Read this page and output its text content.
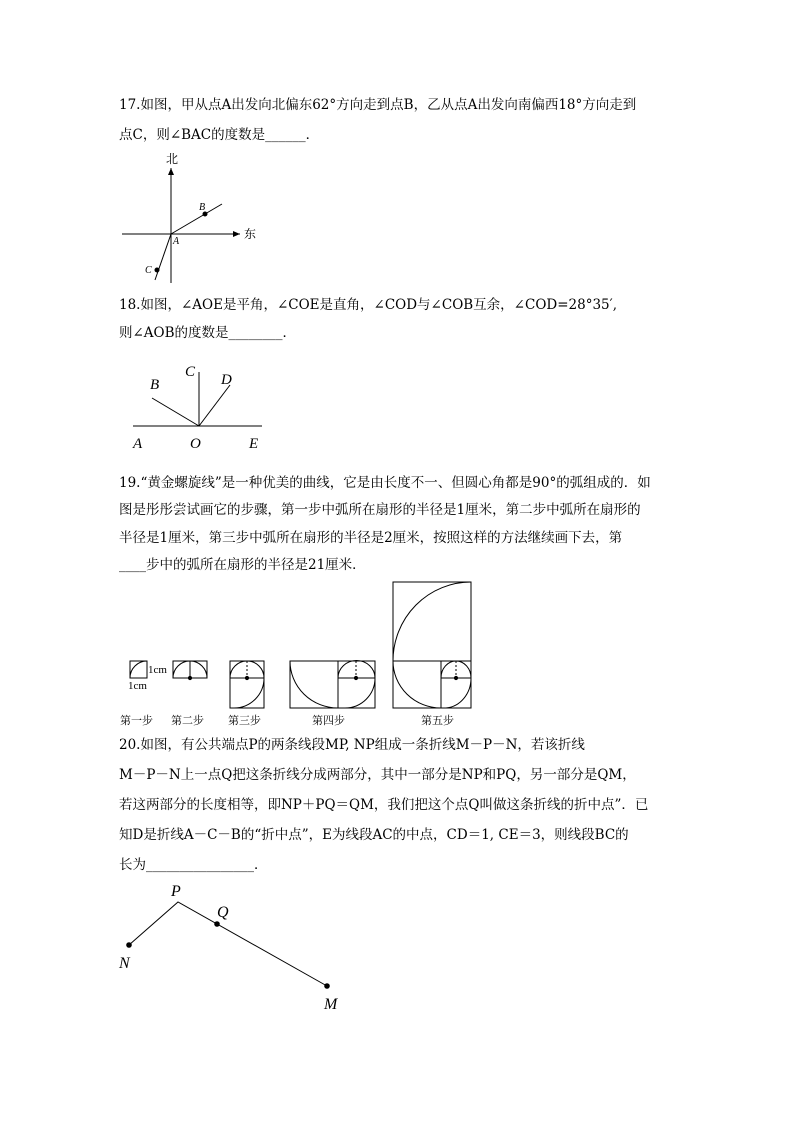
17.如图，甲从点A出发向北偏东62°方向走到点B，乙从点A出发向南偏西18°方向走到
点C，则∠BAC的度数是______．
18.如图，∠AOE是平角，∠COE是直角，∠COD与∠COB互余，∠COD=28°35′,
则∠AOB的度数是________．
19.“黄金螺旋线”是一种优美的曲线，它是由长度不一、但圆心角都是90°的弧组成的．如
图是彤彤尝试画它的步骤，第一步中弧所在扇形的半径是1厘米，第二步中弧所在扇形的
半径是1厘米，第三步中弧所在扇形的半径是2厘米，按照这样的方法继续画下去，第
____步中的弧所在扇形的半径是21厘米．
20.如图，有公共端点P的两条线段MP, NP组成一条折线M－P－N，若该折线
M－P－N上一点Q把这条折线分成两部分，其中一部分是NP和PQ，另一部分是QM，
若这两部分的长度相等，即NP＋PQ＝QM，我们把这个点Q叫做这条折线的折中点”．已
知D是折线A－C－B的“折中点”，E为线段AC的中点，CD＝1, CE＝3，则线段BC的
长为________________．
北
东
A
B
C
A	O	E
B
C D
1cm
1cm
第一步 第二步 第三步	第四步	第五步
P
Q
N
M
